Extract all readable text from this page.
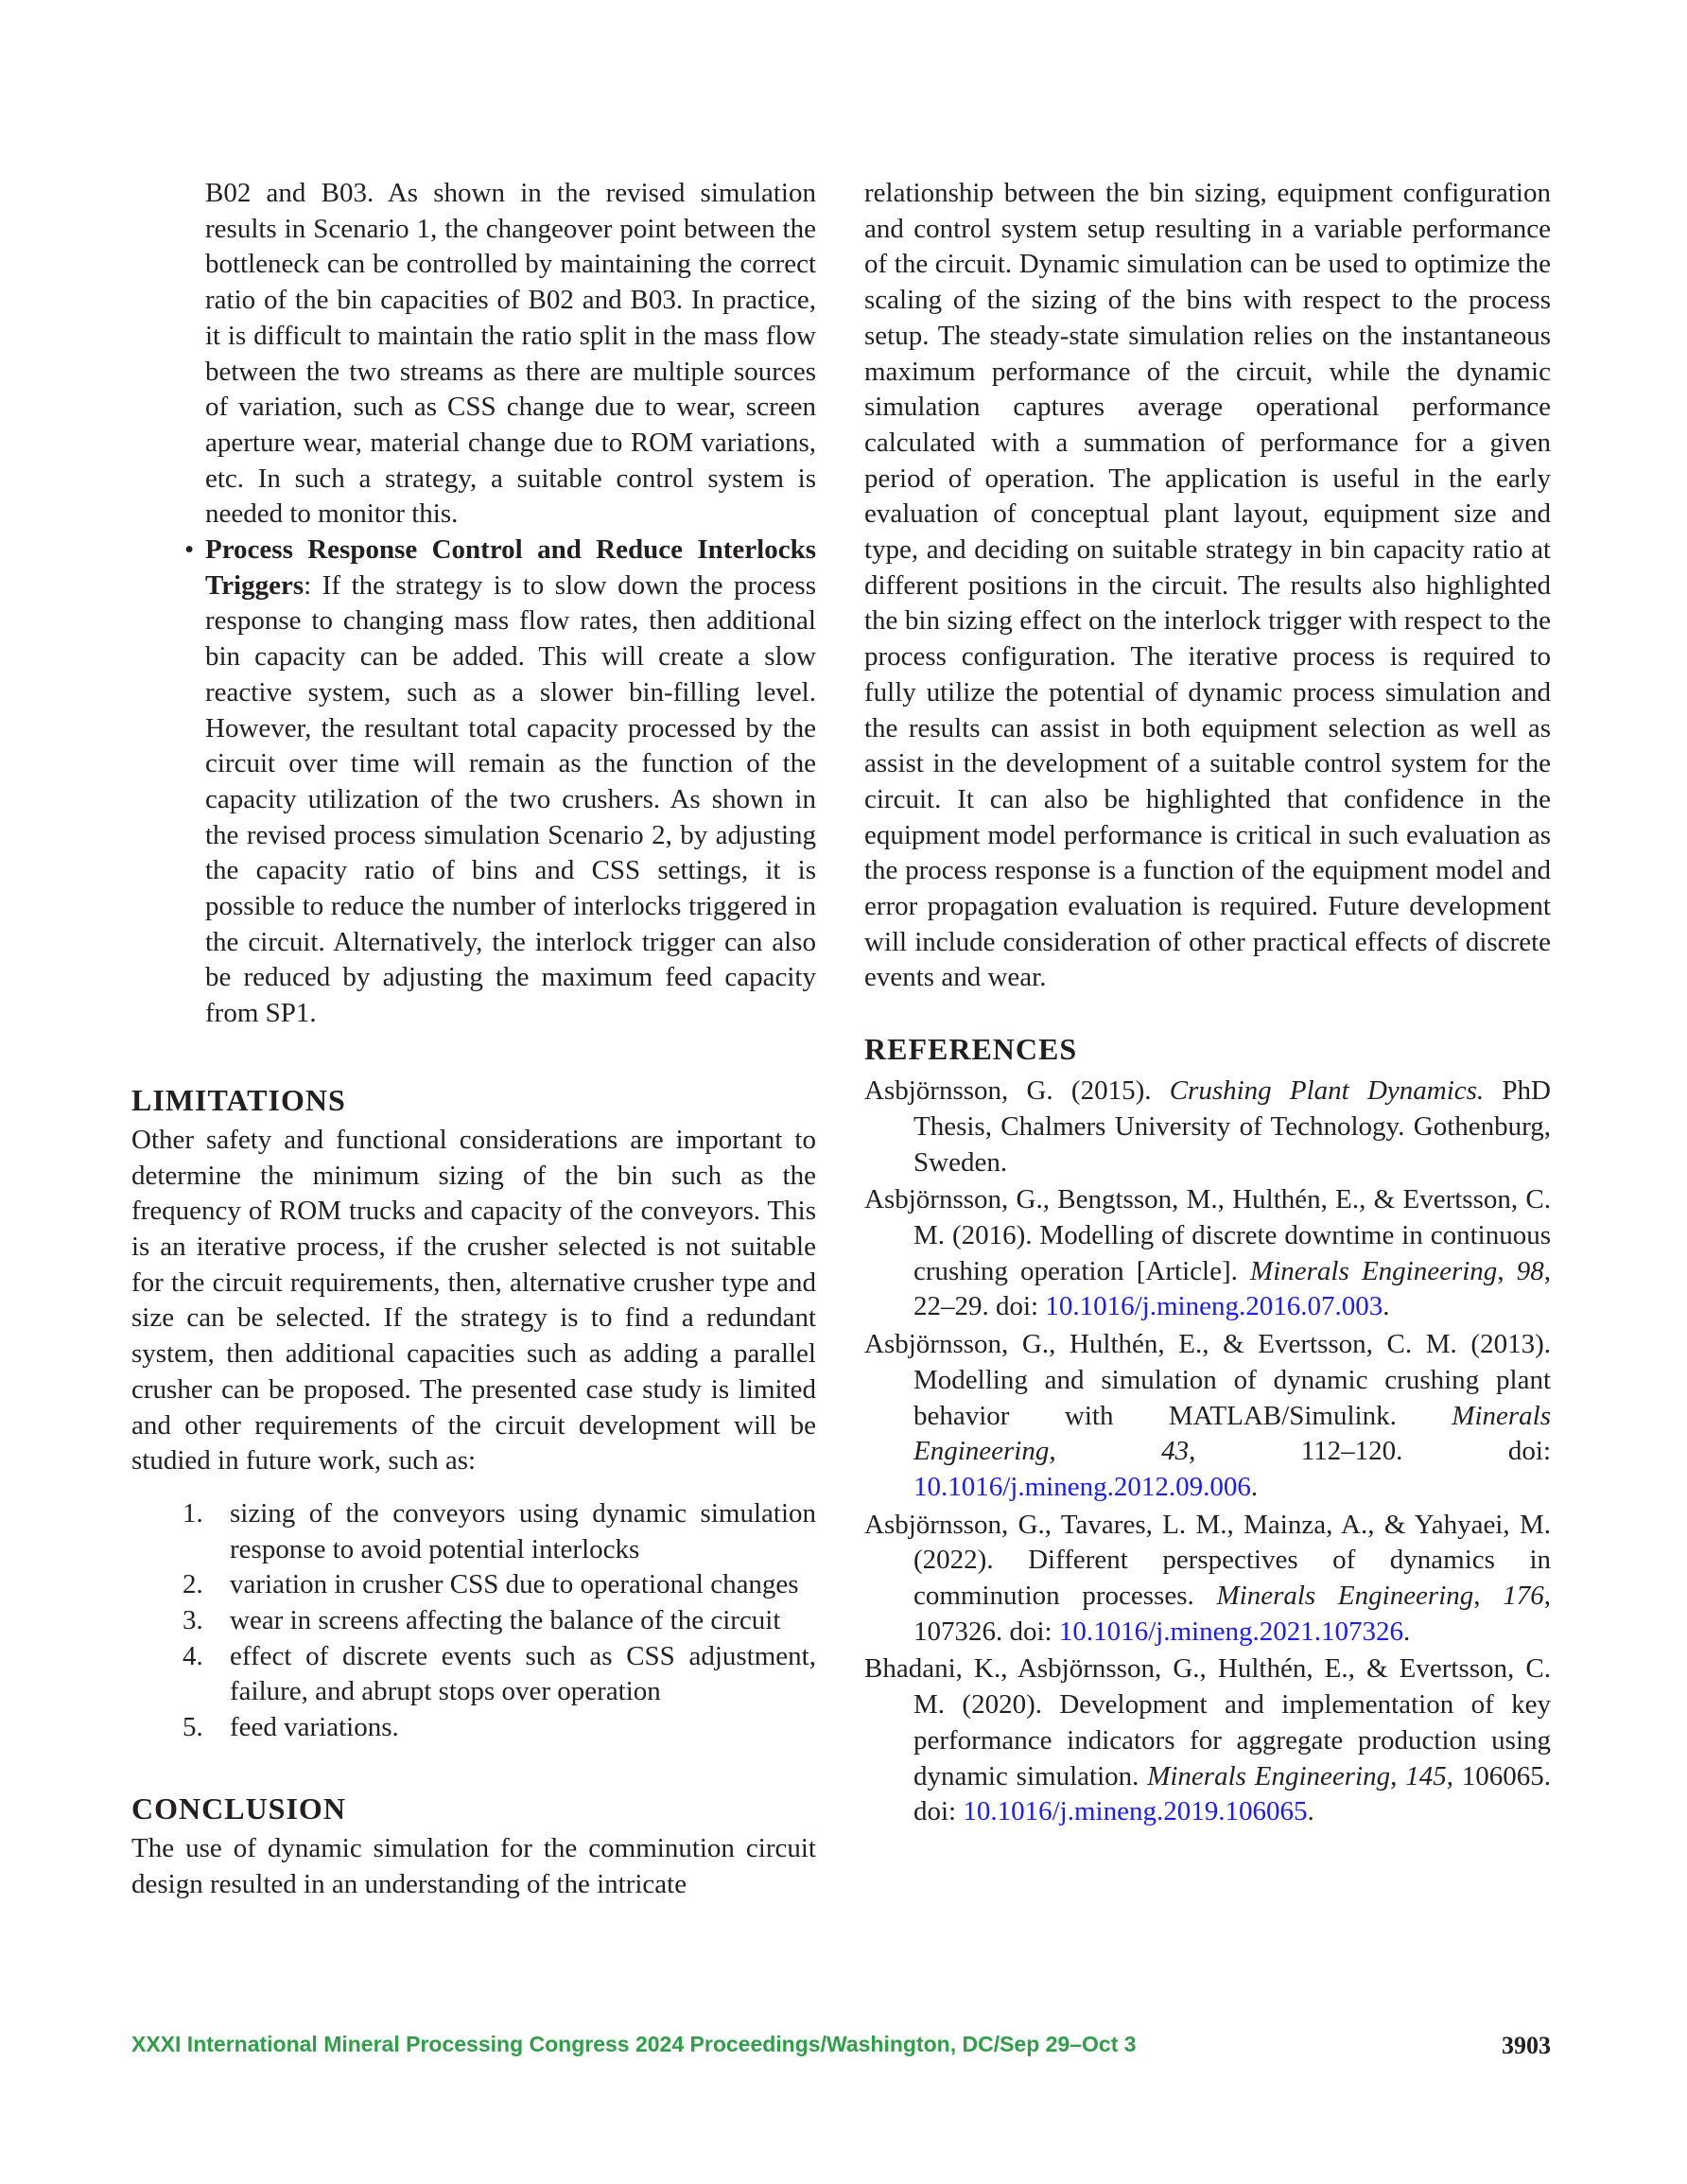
B02 and B03. As shown in the revised simulation results in Scenario 1, the changeover point between the bottleneck can be controlled by maintaining the correct ratio of the bin capacities of B02 and B03. In practice, it is difficult to maintain the ratio split in the mass flow between the two streams as there are multiple sources of variation, such as CSS change due to wear, screen aperture wear, material change due to ROM variations, etc. In such a strategy, a suitable control system is needed to monitor this.

• Process Response Control and Reduce Interlocks Triggers: If the strategy is to slow down the process response to changing mass flow rates, then additional bin capacity can be added. This will create a slow reactive system, such as a slower bin-filling level. However, the resultant total capacity processed by the circuit over time will remain as the function of the capacity utilization of the two crushers. As shown in the revised process simulation Scenario 2, by adjusting the capacity ratio of bins and CSS settings, it is possible to reduce the number of interlocks triggered in the circuit. Alternatively, the interlock trigger can also be reduced by adjusting the maximum feed capacity from SP1.

LIMITATIONS

Other safety and functional considerations are important to determine the minimum sizing of the bin such as the frequency of ROM trucks and capacity of the conveyors. This is an iterative process, if the crusher selected is not suitable for the circuit requirements, then, alternative crusher type and size can be selected. If the strategy is to find a redundant system, then additional capacities such as adding a parallel crusher can be proposed. The presented case study is limited and other requirements of the circuit development will be studied in future work, such as:

1. sizing of the conveyors using dynamic simulation response to avoid potential interlocks
2. variation in crusher CSS due to operational changes
3. wear in screens affecting the balance of the circuit
4. effect of discrete events such as CSS adjustment, failure, and abrupt stops over operation
5. feed variations.
CONCLUSION

The use of dynamic simulation for the comminution circuit design resulted in an understanding of the intricate

relationship between the bin sizing, equipment configuration and control system setup resulting in a variable performance of the circuit. Dynamic simulation can be used to optimize the scaling of the sizing of the bins with respect to the process setup. The steady-state simulation relies on the instantaneous maximum performance of the circuit, while the dynamic simulation captures average operational performance calculated with a summation of performance for a given period of operation. The application is useful in the early evaluation of conceptual plant layout, equipment size and type, and deciding on suitable strategy in bin capacity ratio at different positions in the circuit. The results also highlighted the bin sizing effect on the interlock trigger with respect to the process configuration. The iterative process is required to fully utilize the potential of dynamic process simulation and the results can assist in both equipment selection as well as assist in the development of a suitable control system for the circuit. It can also be highlighted that confidence in the equipment model performance is critical in such evaluation as the process response is a function of the equipment model and error propagation evaluation is required. Future development will include consideration of other practical effects of discrete events and wear.

REFERENCES

Asbjörnsson, G. (2015). Crushing Plant Dynamics. PhD Thesis, Chalmers University of Technology. Gothenburg, Sweden.

Asbjörnsson, G., Bengtsson, M., Hulthén, E., & Evertsson, C. M. (2016). Modelling of discrete downtime in continuous crushing operation [Article]. Minerals Engineering, 98, 22–29. doi: 10.1016/j.mineng.2016.07.003.

Asbjörnsson, G., Hulthén, E., & Evertsson, C. M. (2013). Modelling and simulation of dynamic crushing plant behavior with MATLAB/Simulink. Minerals Engineering, 43, 112–120. doi: 10.1016/j.mineng.2012.09.006.

Asbjörnsson, G., Tavares, L. M., Mainza, A., & Yahyaei, M. (2022). Different perspectives of dynamics in comminution processes. Minerals Engineering, 176, 107326. doi: 10.1016/j.mineng.2021.107326.

Bhadani, K., Asbjörnsson, G., Hulthén, E., & Evertsson, C. M. (2020). Development and implementation of key performance indicators for aggregate production using dynamic simulation. Minerals Engineering, 145, 106065. doi: 10.1016/j.mineng.2019.106065.

XXXI International Mineral Processing Congress 2024 Proceedings/Washington, DC/Sep 29–Oct 3	3903
